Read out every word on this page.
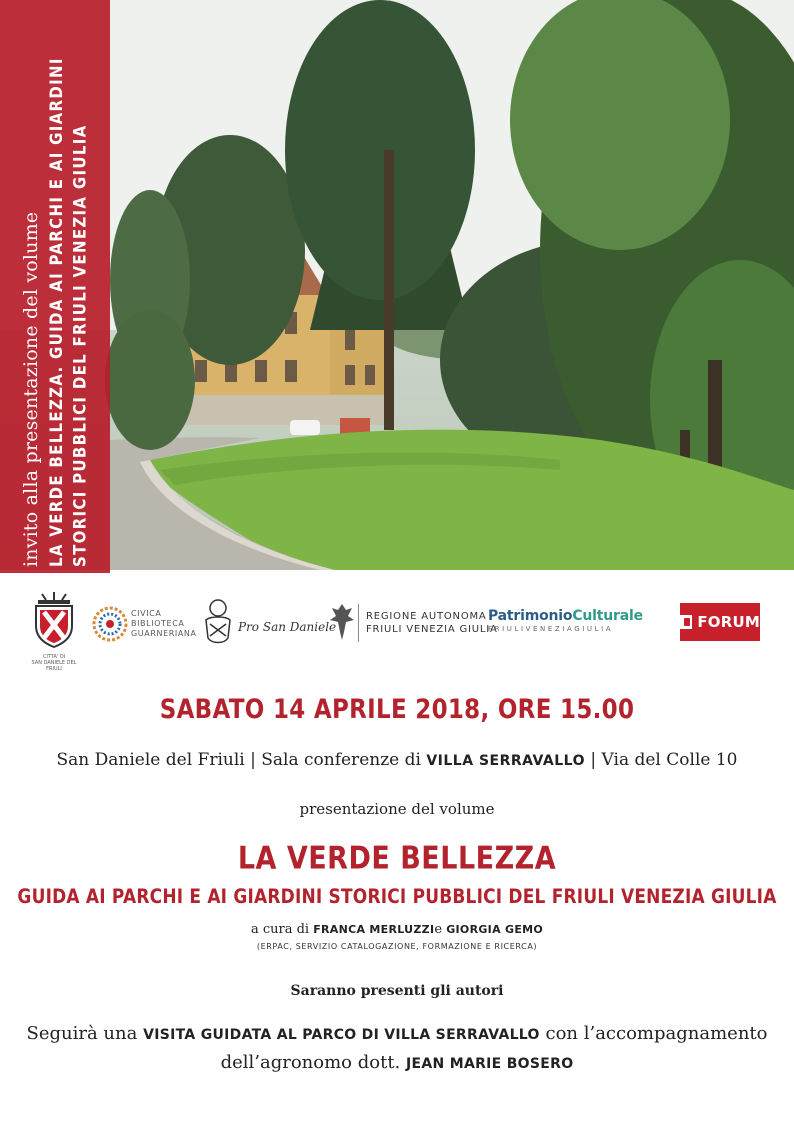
invito alla presentazione del volume LA VERDE BELLEZZA. GUIDA AI PARCHI E AI GIARDINI STORICI PUBBLICI DEL FRIULI VENEZIA GIULIA
CITTA' DI
SAN DANIELE DEL FRIULI
CIVICA
BIBLIOTECA
GUARNERIANA	Pro San Daniele
REGIONE AUTONOMA
FRIULI VENEZIA GIULIA
PatrimonioCulturale
FRIULIVENEZIAGIULIA	FORUM
SABATO 14 APRILE 2018, ORE 15.00
San Daniele del Friuli | Sala conferenze di VILLA SERRAVALLO | Via del Colle 10
presentazione del volume
LA VERDE BELLEZZA
GUIDA AI PARCHI E AI GIARDINI STORICI PUBBLICI DEL FRIULI VENEZIA GIULIA
a cura di FRANCA MERLUZZIe GIORGIA GEMO
(ERPAC, SERVIZIO CATALOGAZIONE, FORMAZIONE E RICERCA)
Saranno presenti gli autori
Seguirà una VISITA GUIDATA AL PARCO DI VILLA SERRAVALLO con l’accompagnamento
dell’agronomo dott. JEAN MARIE BOSERO
